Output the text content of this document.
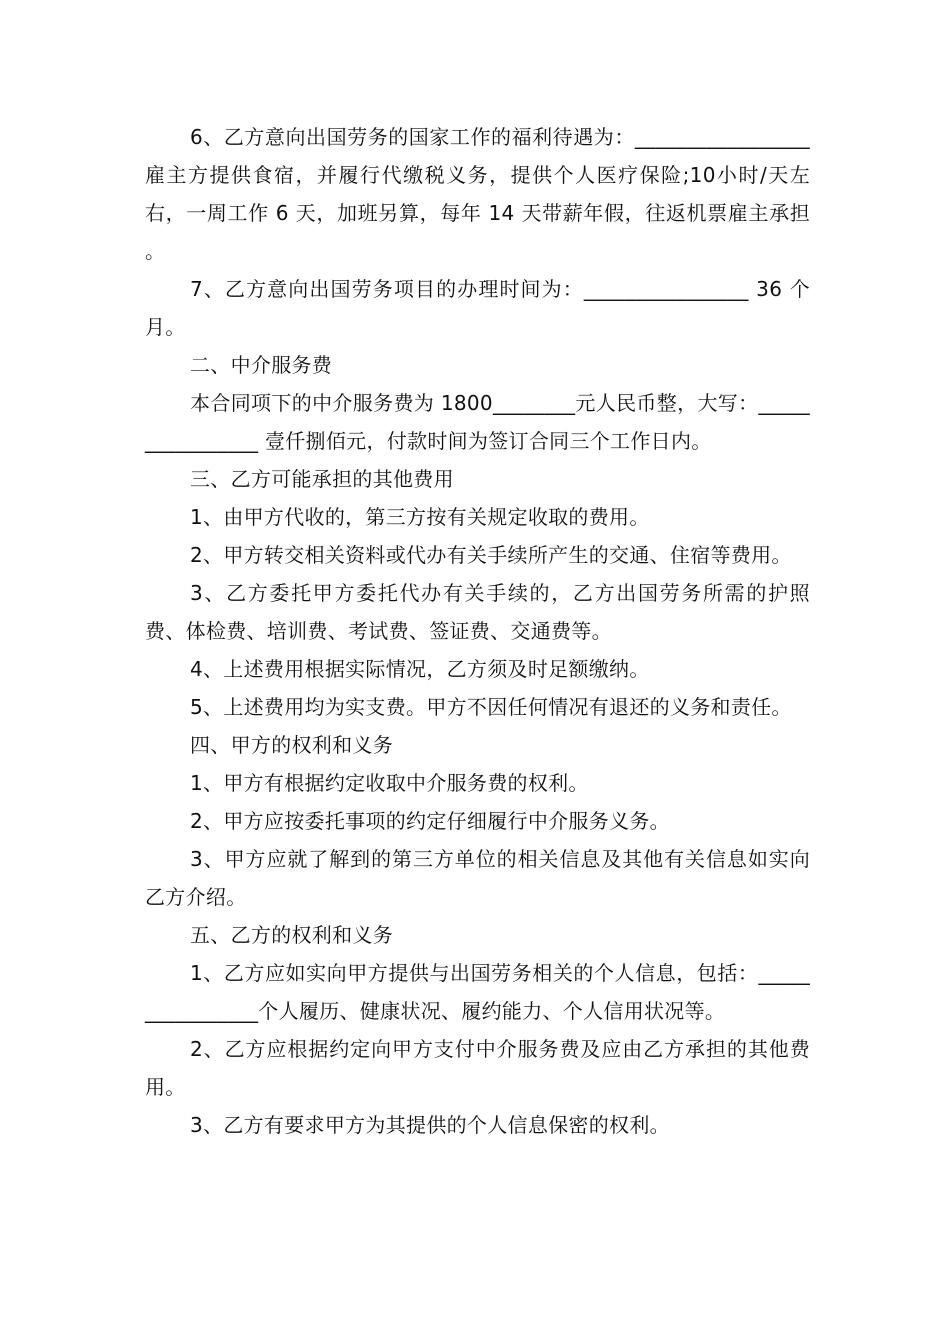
6、乙方意向出国劳务的国家工作的福利待遇为：_________________ 雇主方提供食宿，并履行代缴税义务，提供个人医疗保险;10小时/天左右，一周工作 6 天，加班另算，每年 14 天带薪年假，往返机票雇主承担 。

7、乙方意向出国劳务项目的办理时间为：________________ 36 个月。

二、中介服务费

本合同项下的中介服务费为 1800________元人民币整，大写：________________ 壹仟捌佰元，付款时间为签订合同三个工作日内。

三、乙方可能承担的其他费用

1、由甲方代收的，第三方按有关规定收取的费用。

2、甲方转交相关资料或代办有关手续所产生的交通、住宿等费用。

3、乙方委托甲方委托代办有关手续的，乙方出国劳务所需的护照费、体检费、培训费、考试费、签证费、交通费等。

4、上述费用根据实际情况，乙方须及时足额缴纳。

5、上述费用均为实支费。甲方不因任何情况有退还的义务和责任。

四、甲方的权利和义务

1、甲方有根据约定收取中介服务费的权利。

2、甲方应按委托事项的约定仔细履行中介服务义务。

3、甲方应就了解到的第三方单位的相关信息及其他有关信息如实向乙方介绍。

五、乙方的权利和义务

1、乙方应如实向甲方提供与出国劳务相关的个人信息，包括：________________个人履历、健康状况、履约能力、个人信用状况等。

2、乙方应根据约定向甲方支付中介服务费及应由乙方承担的其他费用。

3、乙方有要求甲方为其提供的个人信息保密的权利。
